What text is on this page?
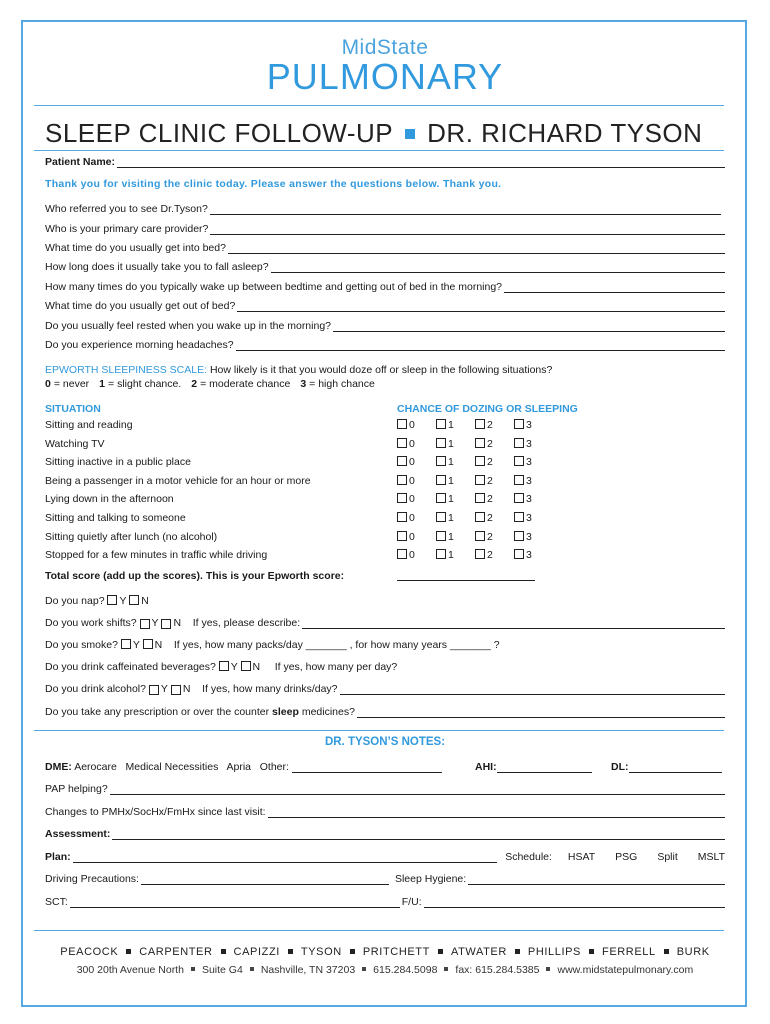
MidState
PULMONARY
SLEEP CLINIC FOLLOW-UP DR. RICHARD TYSON
Patient Name:
Thank you for visiting the clinic today. Please answer the questions below. Thank you.
Who referred you to see Dr.Tyson?
Who is your primary care provider?
What time do you usually get into bed?
How long does it usually take you to fall asleep?
How many times do you typically wake up between bedtime and getting out of bed in the morning?
What time do you usually get out of bed?
Do you usually feel rested when you wake up in the morning?
Do you experience morning headaches?
EPWORTH SLEEPINESS SCALE:
How likely is it that you would doze off or sleep in the following situations?
0 = never 1 = slight chance. 2 = moderate chance 3 = high chance
SITUATION	CHANCE OF DOZING OR SLEEPING
Sitting and reading	0	1	2	3
Watching TV	0	1	2	3
Sitting inactive in a public place	0	1	2	3
Being a passenger in a motor vehicle for an hour or more	0	1	2	3
Lying down in the afternoon	0	1	2	3
Sitting and talking to someone	0	1	2	3
Sitting quietly after lunch (no alcohol)	0	1	2	3
Stopped for a few minutes in traffic while driving	0	1	2	3
Total score (add up the scores). This is your Epworth score:
Do you nap? Y N
Do you work shifts?
Y
N
If yes, please describe:
Do you smoke? Y N If yes, how many packs/day _______ , for how many years _______ ?
Do you drink caffeinated beverages? Y N If yes, how many per day?
Do you drink alcohol?
Y
N
If yes, how many drinks/day?
Do you take any prescription or over the counter
sleep
medicines?
DR. TYSON’S NOTES:
DME: Aerocare   Medical Necessities   Apria   Other:	AHI:	DL:
PAP helping?
Changes to PMHx/SocHx/FmHx since last visit:
Assessment:
Plan:	Schedule: HSAT PSG Split MSLT
Driving Precautions:	Sleep Hygiene:
SCT:	F/U:
PEACOCK CARPENTER CAPIZZI TYSON PRITCHETT ATWATER PHILLIPS FERRELL BURK
300 20th Avenue North Suite G4 Nashville, TN 37203 615.284.5098 fax: 615.284.5385 www.midstatepulmonary.com
